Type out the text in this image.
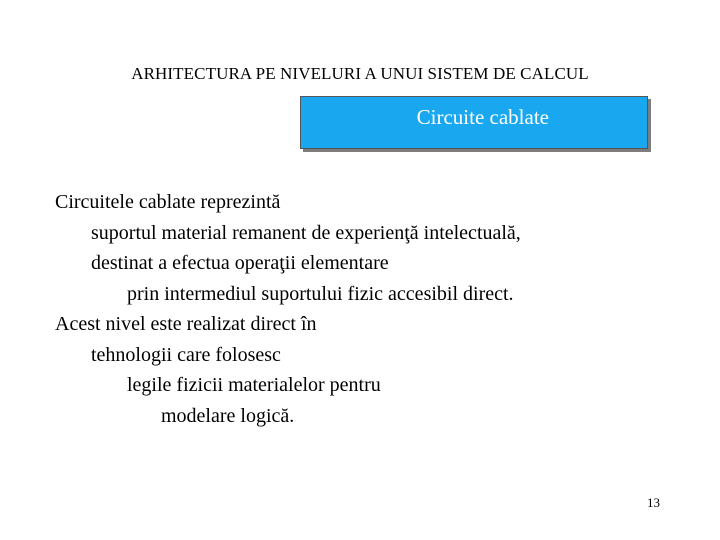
ARHITECTURA PE NIVELURI A UNUI SISTEM DE CALCUL
Circuite cablate
Circuitele cablate reprezintă
suportul material remanent de experienţă intelectuală,
destinat a efectua operaţii elementare
prin intermediul suportului fizic accesibil direct.
Acest nivel este realizat direct în
tehnologii care folosesc
legile fizicii materialelor pentru
modelare logică.
13
